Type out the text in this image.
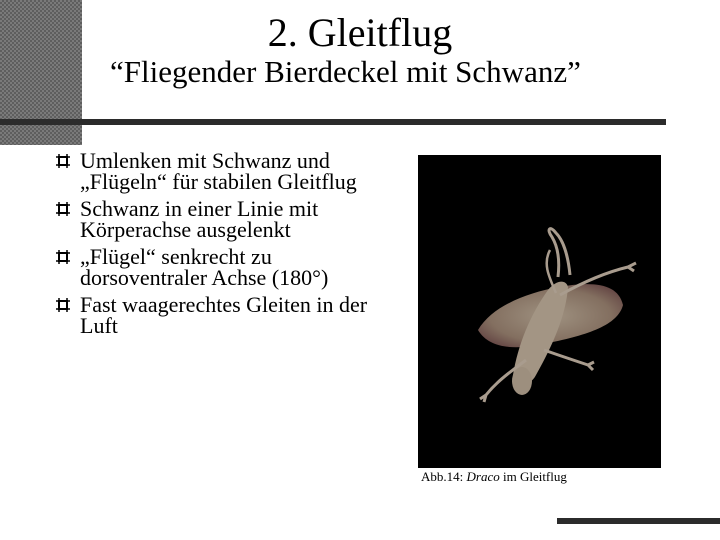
2. Gleitflug
“Fliegender Bierdeckel mit Schwanz”
Umlenken mit Schwanz und „Flügeln“ für stabilen Gleitflug
Schwanz in einer Linie mit Körperachse ausgelenkt
„Flügel“ senkrecht zu dorsoventraler Achse (180°)
Fast waagerechtes Gleiten in der Luft
Abb.14: Draco im Gleitflug
